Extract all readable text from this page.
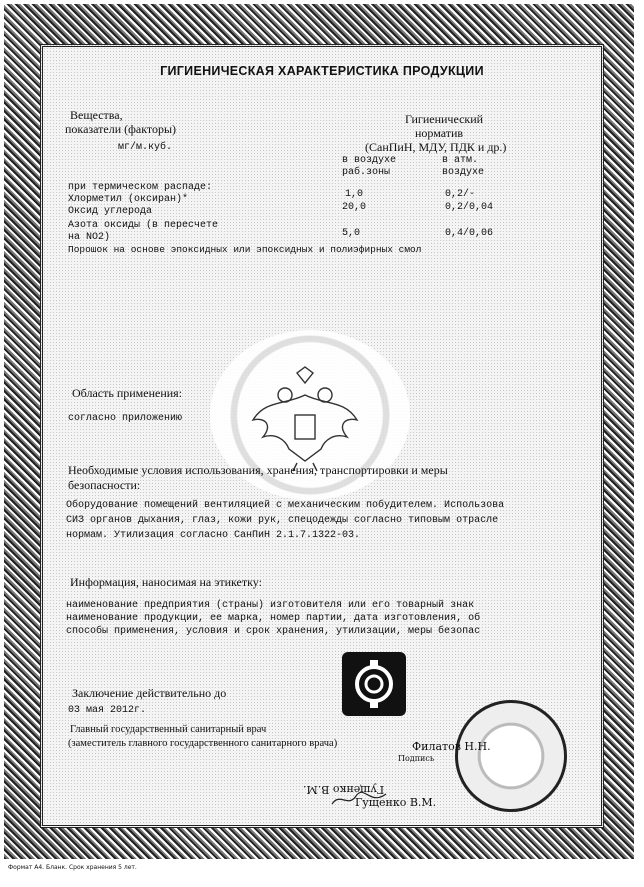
ГИГИЕНИЧЕСКАЯ ХАРАКТЕРИСТИКА ПРОДУКЦИИ
Вещества,
показатели (факторы)
мг/м.куб.
Гигиенический
норматив
(СанПиН, МДУ, ПДК и др.)
в воздухе
раб.зоны
в атм.
воздухе
при термическом распаде:
Хлорметил (оксиран)*	1,0	0,2/-
Оксид углерода	20,0	0,2/0,04
Азота оксиды (в пересчете
на NO2)	5,0	0,4/0,06
Порошок на основе эпоксидных или эпоксидных и полиэфирных смол
Область применения:
согласно приложению
Необходимые условия использования, хранения, транспортировки и меры
безопасности:
Оборудование помещений вентиляцией с механическим побудителем. Использова
СИЗ органов дыхания, глаз, кожи рук, спецодежды согласно типовым отрасле
нормам. Утилизация согласно СанПиН 2.1.7.1322-03.
Информация, наносимая на этикетку:
наименование предприятия (страны) изготовителя или его товарный знак
наименование продукции, ее марка, номер партии, дата изготовления, об
способы применения, условия и срок хранения, утилизации, меры безопас
Заключение действительно до
03 мая 2012г.
Главный государственный санитарный врач
(заместитель главного государственного санитарного врача)	Филатов Н.Н.
Подпись
Гущенко В.М.
Гущенко В.М.
Формат А4. Бланк. Срок хранения 5 лет.
